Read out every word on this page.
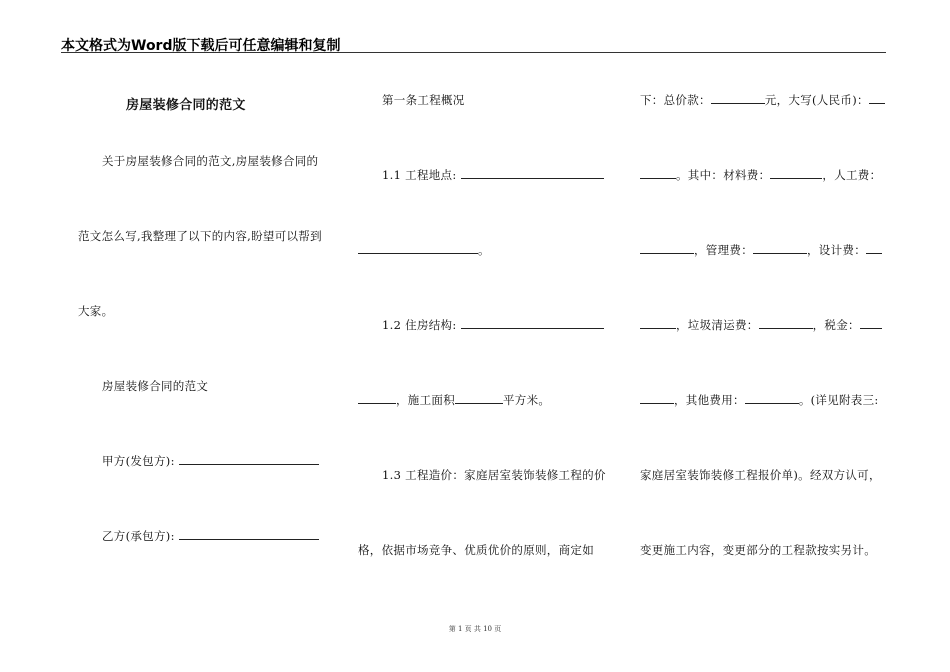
本文格式为Word版下载后可任意编辑和复制
房屋装修合同的范文
关于房屋装修合同的范文,房屋装修合同的
范文怎么写,我整理了以下的内容,盼望可以帮到
大家。
房屋装修合同的范文
甲方(发包方):
乙方(承包方):
第一条工程概况
1.1 工程地点:
。
1.2 住房结构:
，施工面积	平方米。
1.3 工程造价：家庭居室装饰装修工程的价
格，依据市场竞争、优质优价的原则，商定如
下：总价款：	元，大写(人民币)：
。其中：材料费：	，人工费：
，管理费：	，设计费：
，垃圾清运费：	，税金：
，其他费用：	。(详见附表三:
家庭居室装饰装修工程报价单)。经双方认可，
变更施工内容，变更部分的工程款按实另计。
第 1 页 共 10 页
